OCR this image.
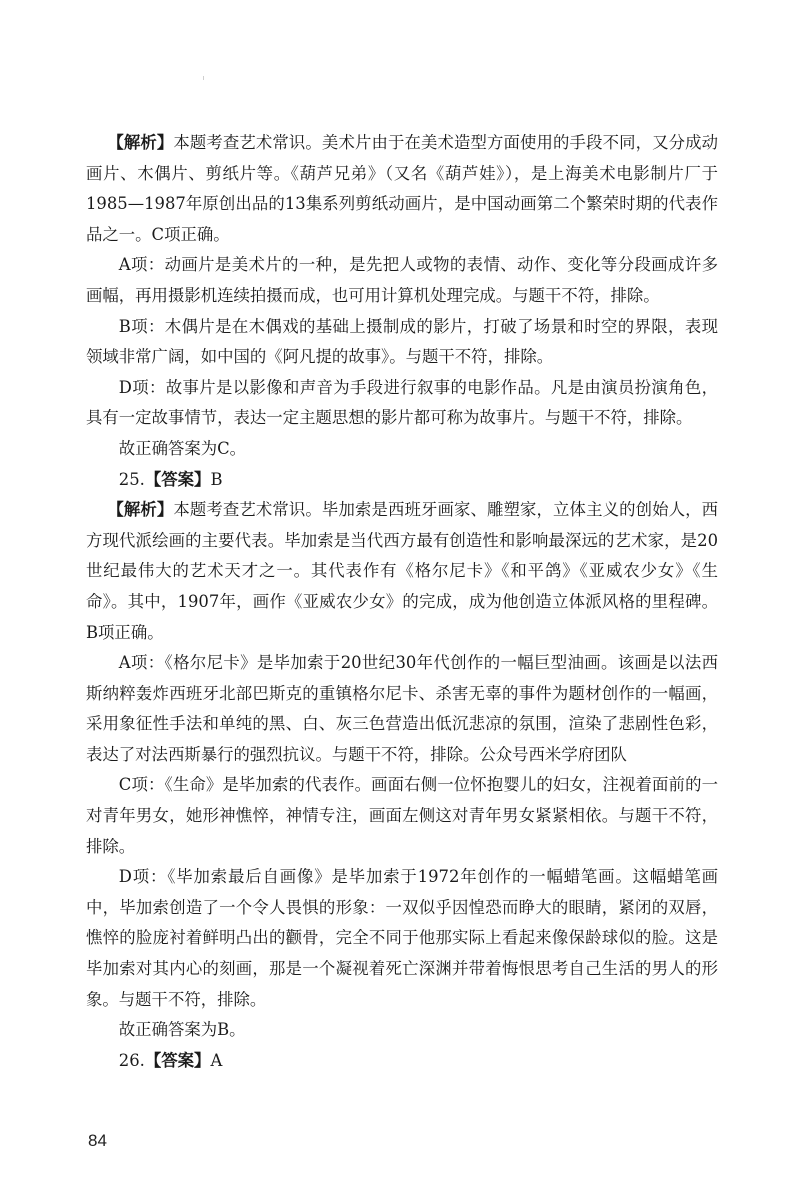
【解析】本题考查艺术常识。美术片由于在美术造型方面使用的手段不同，又分成动画片、木偶片、剪纸片等。《葫芦兄弟》（又名《葫芦娃》），是上海美术电影制片厂于1985—1987年原创出品的13集系列剪纸动画片，是中国动画第二个繁荣时期的代表作品之一。C项正确。

A项：动画片是美术片的一种，是先把人或物的表情、动作、变化等分段画成许多画幅，再用摄影机连续拍摄而成，也可用计算机处理完成。与题干不符，排除。

B项：木偶片是在木偶戏的基础上摄制成的影片，打破了场景和时空的界限，表现领域非常广阔，如中国的《阿凡提的故事》。与题干不符，排除。

D项：故事片是以影像和声音为手段进行叙事的电影作品。凡是由演员扮演角色，具有一定故事情节，表达一定主题思想的影片都可称为故事片。与题干不符，排除。

故正确答案为C。

25.【答案】B

【解析】本题考查艺术常识。毕加索是西班牙画家、雕塑家，立体主义的创始人，西方现代派绘画的主要代表。毕加索是当代西方最有创造性和影响最深远的艺术家，是20世纪最伟大的艺术天才之一。其代表作有《格尔尼卡》《和平鸽》《亚威农少女》《生命》。其中，1907年，画作《亚威农少女》的完成，成为他创造立体派风格的里程碑。B项正确。

A项：《格尔尼卡》是毕加索于20世纪30年代创作的一幅巨型油画。该画是以法西斯纳粹轰炸西班牙北部巴斯克的重镇格尔尼卡、杀害无辜的事件为题材创作的一幅画，采用象征性手法和单纯的黑、白、灰三色营造出低沉悲凉的氛围，渲染了悲剧性色彩，表达了对法西斯暴行的强烈抗议。与题干不符，排除。公众号西米学府团队

C项：《生命》是毕加索的代表作。画面右侧一位怀抱婴儿的妇女，注视着面前的一对青年男女，她形神憔悴，神情专注，画面左侧这对青年男女紧紧相依。与题干不符，排除。

D项：《毕加索最后自画像》是毕加索于1972年创作的一幅蜡笔画。这幅蜡笔画中，毕加索创造了一个令人畏惧的形象：一双似乎因惶恐而睁大的眼睛，紧闭的双唇，憔悴的脸庞衬着鲜明凸出的颧骨，完全不同于他那实际上看起来像保龄球似的脸。这是毕加索对其内心的刻画，那是一个凝视着死亡深渊并带着悔恨思考自己生活的男人的形象。与题干不符，排除。

故正确答案为B。

26.【答案】A

84
